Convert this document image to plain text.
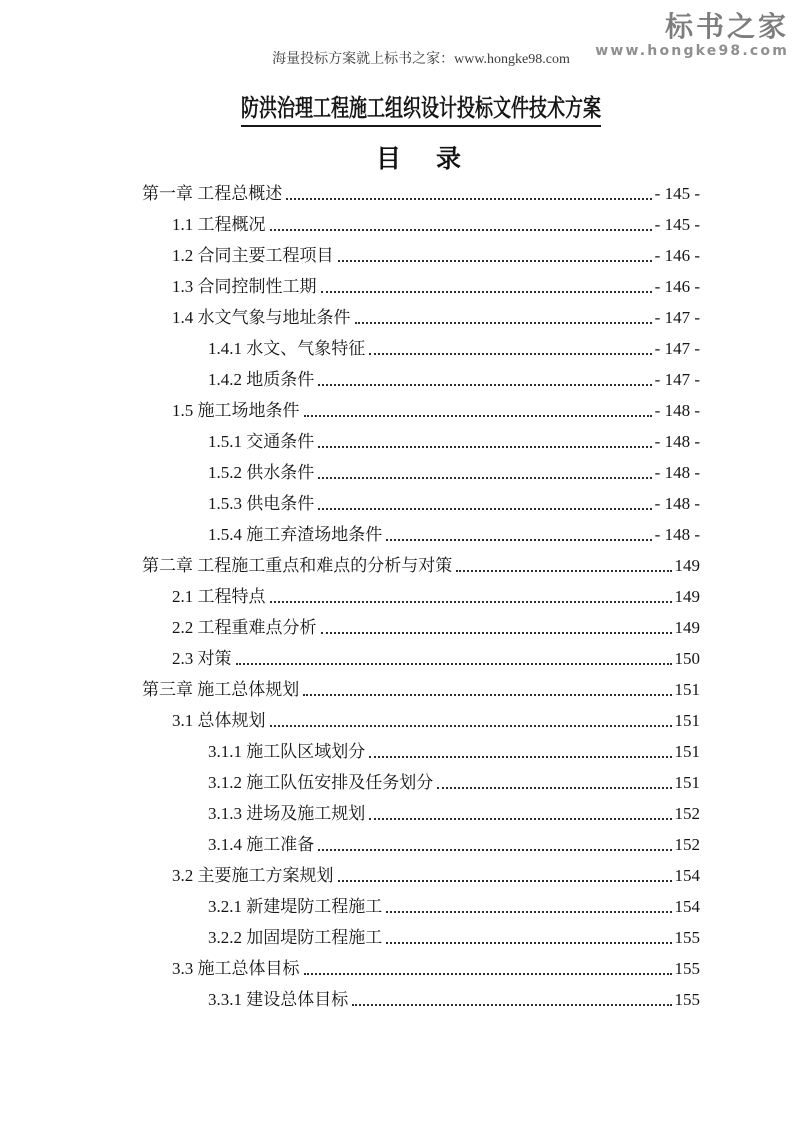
标书之家
www.hongke98.com
海量投标方案就上标书之家：www.hongke98.com
防洪治理工程施工组织设计投标文件技术方案
目　录
第一章 工程总概述	- 145 -
1.1 工程概况	- 145 -
1.2 合同主要工程项目	- 146 -
1.3 合同控制性工期	- 146 -
1.4 水文气象与地址条件	- 147 -
1.4.1 水文、气象特征	- 147 -
1.4.2 地质条件	- 147 -
1.5 施工场地条件	- 148 -
1.5.1 交通条件	- 148 -
1.5.2 供水条件	- 148 -
1.5.3 供电条件	- 148 -
1.5.4 施工弃渣场地条件	- 148 -
第二章 工程施工重点和难点的分析与对策	149
2.1 工程特点	149
2.2 工程重难点分析	149
2.3 对策	150
第三章 施工总体规划	151
3.1 总体规划	151
3.1.1 施工队区域划分	151
3.1.2 施工队伍安排及任务划分	151
3.1.3 进场及施工规划	152
3.1.4 施工准备	152
3.2 主要施工方案规划	154
3.2.1 新建堤防工程施工	154
3.2.2 加固堤防工程施工	155
3.3 施工总体目标	155
3.3.1 建设总体目标	155
